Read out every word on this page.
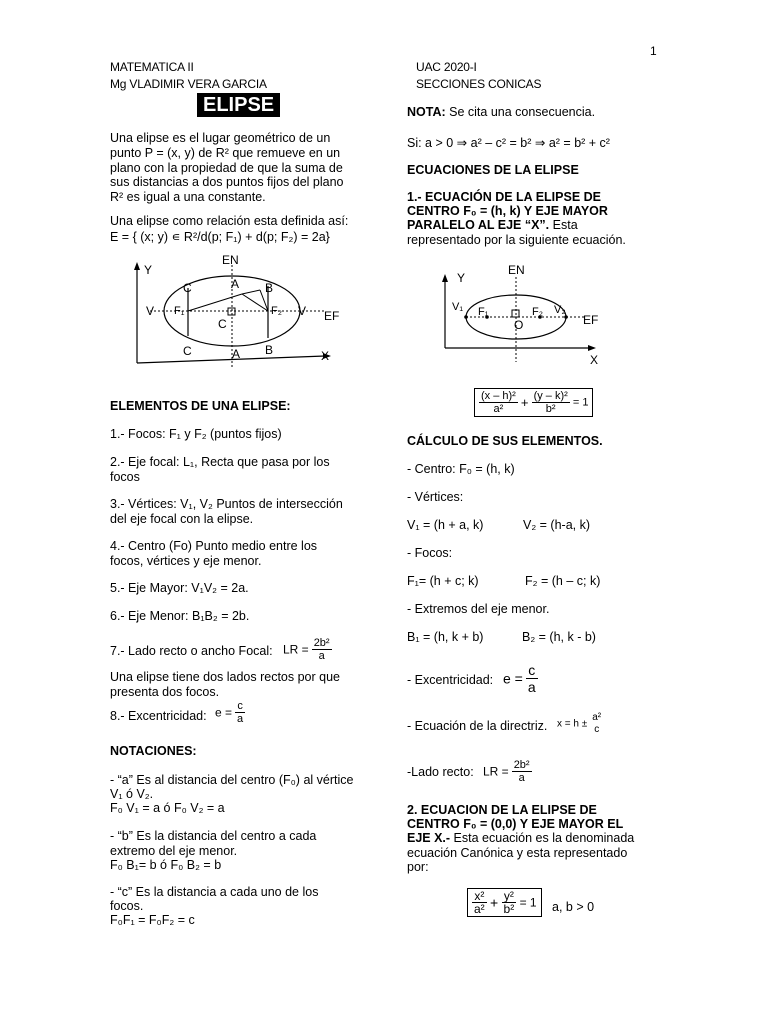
1
MATEMATICA II
Mg VLADIMIR VERA GARCIA
UAC 2020-I
SECCIONES CONICAS
ELIPSE
Una elipse es el lugar geométrico de un
punto P = (x, y) de R² que remueve en un
plano con la propiedad de que la suma de
sus distancias a dos puntos fijos del plano
R² es igual a una constante.
Una elipse como relación esta definida así:
Ε = { (x; y) ∊ R²/d(p; F₁) + d(p; F₂) = 2a}
Y
EN
C	A B
V F₁	F₂ V EF
C
C	A B	X
ELEMENTOS DE UNA ELIPSE:
1.- Focos: F₁ y F₂ (puntos fijos)
2.- Eje focal: L₁, Recta que pasa por los
focos
3.- Vértices: V₁, V₂ Puntos de intersección
del eje focal con la elipse.
4.- Centro (Fo) Punto medio entre los
focos, vértices y eje menor.
5.- Eje Mayor: V₁V₂ = 2a.
6.- Eje Menor: B₁B₂ = 2b.
7.- Lado recto o ancho Focal: LR = $\frac{\text{2b²}}{a}$
Una elipse tiene dos lados rectos por que
presenta dos focos.
8.- Excentricidad: $e = \frac{c}{a}$
NOTACIONES:
- “a” Es al distancia del centro (F₀) al vértice
V₁ ó V₂.
F₀ V₁ = a ó F₀ V₂ = a
- “b” Es la distancia del centro a cada
extremo del eje menor.
F₀ B₁= b ó F₀ B₂ = b
- “c” Es la distancia a cada uno de los
focos.
F₀F₁ = F₀F₂ = c
NOTA: Se cita una consecuencia.
Si: a > 0 ⇒ a² – c² = b² ⇒ a² = b² + c²
ECUACIONES DE LA ELIPSE
1.- ECUACIÓN DE LA ELIPSE DE
CENTRO F₀ = (h, k) Y EJE MAYOR
PARALELO AL EJE “X”. Esta
representado por la siguiente ecuación.
Y
EN
V₁ F₁	F₂ V₂
O	EF
X
$\frac{\text{(x – h)²}}{\text{a²}} + \frac{\text{(y – k)²}}{\text{b²}} = 1$
CÁLCULO DE SUS ELEMENTOS.
- Centro: F₀ = (h, k)
- Vértices:
V₁ = (h + a, k)	V₂ = (h-a, k)
- Focos:
F₁= (h + c; k)	F₂ = (h – c; k)
- Extremos del eje menor.
B₁ = (h, k + b)	B₂ = (h, k - b)
- Excentricidad: $e = \frac{c}{a}$
- Ecuación de la directriz. x = h ±
a²
c
-Lado recto: LR = $\frac{\text{2b²}}{a}$
2. ECUACION DE LA ELIPSE DE
CENTRO F₀ = (0,0) Y EJE MAYOR EL
EJE X.- Esta ecuación es la denominada
ecuación Canónica y esta representado
por:
$\frac{\text{x²}}{\text{a²}} + \frac{\text{y²}}{\text{b²}} = 1$	a, b > 0
